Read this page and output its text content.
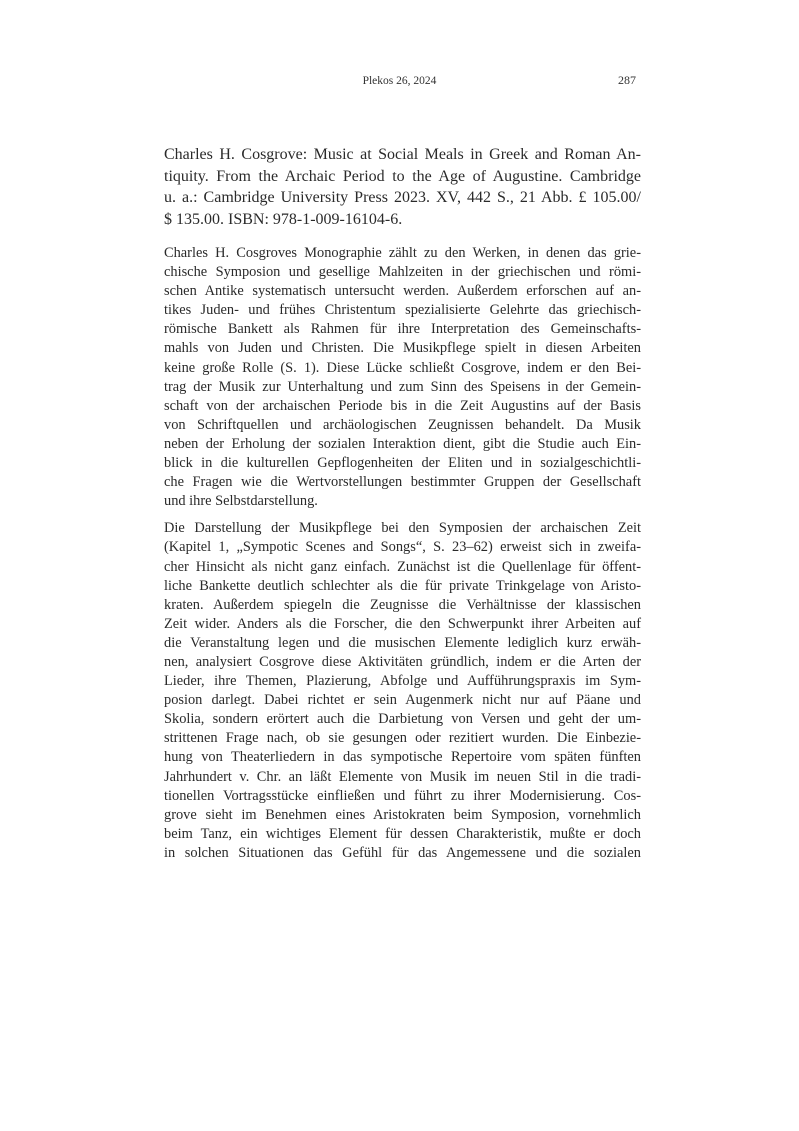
Plekos 26, 2024	287
Charles H. Cosgrove: Music at Social Meals in Greek and Roman An-
tiquity. From the Archaic Period to the Age of Augustine. Cambridge
u. a.: Cambridge University Press 2023. XV, 442 S., 21 Abb. £ 105.00/
$ 135.00. ISBN: 978-1-009-16104-6.

Charles H. Cosgroves Monographie zählt zu den Werken, in denen das grie-
chische Symposion und gesellige Mahlzeiten in der griechischen und römi-
schen Antike systematisch untersucht werden. Außerdem erforschen auf an-
tikes Juden- und frühes Christentum spezialisierte Gelehrte das griechisch-
römische Bankett als Rahmen für ihre Interpretation des Gemeinschafts-
mahls von Juden und Christen. Die Musikpflege spielt in diesen Arbeiten
keine große Rolle (S. 1). Diese Lücke schließt Cosgrove, indem er den Bei-
trag der Musik zur Unterhaltung und zum Sinn des Speisens in der Gemein-
schaft von der archaischen Periode bis in die Zeit Augustins auf der Basis
von Schriftquellen und archäologischen Zeugnissen behandelt. Da Musik
neben der Erholung der sozialen Interaktion dient, gibt die Studie auch Ein-
blick in die kulturellen Gepflogenheiten der Eliten und in sozialgeschichtli-
che Fragen wie die Wertvorstellungen bestimmter Gruppen der Gesellschaft
und ihre Selbstdarstellung.

Die Darstellung der Musikpflege bei den Symposien der archaischen Zeit
(Kapitel 1, „Sympotic Scenes and Songs“, S. 23–62) erweist sich in zweifa-
cher Hinsicht als nicht ganz einfach. Zunächst ist die Quellenlage für öffent-
liche Bankette deutlich schlechter als die für private Trinkgelage von Aristo-
kraten. Außerdem spiegeln die Zeugnisse die Verhältnisse der klassischen
Zeit wider. Anders als die Forscher, die den Schwerpunkt ihrer Arbeiten auf
die Veranstaltung legen und die musischen Elemente lediglich kurz erwäh-
nen, analysiert Cosgrove diese Aktivitäten gründlich, indem er die Arten der
Lieder, ihre Themen, Plazierung, Abfolge und Aufführungspraxis im Sym-
posion darlegt. Dabei richtet er sein Augenmerk nicht nur auf Päane und
Skolia, sondern erörtert auch die Darbietung von Versen und geht der um-
strittenen Frage nach, ob sie gesungen oder rezitiert wurden. Die Einbezie-
hung von Theaterliedern in das sympotische Repertoire vom späten fünften
Jahrhundert v. Chr. an läßt Elemente von Musik im neuen Stil in die tradi-
tionellen Vortragsstücke einfließen und führt zu ihrer Modernisierung. Cos-
grove sieht im Benehmen eines Aristokraten beim Symposion, vornehmlich
beim Tanz, ein wichtiges Element für dessen Charakteristik, mußte er doch
in solchen Situationen das Gefühl für das Angemessene und die sozialen
